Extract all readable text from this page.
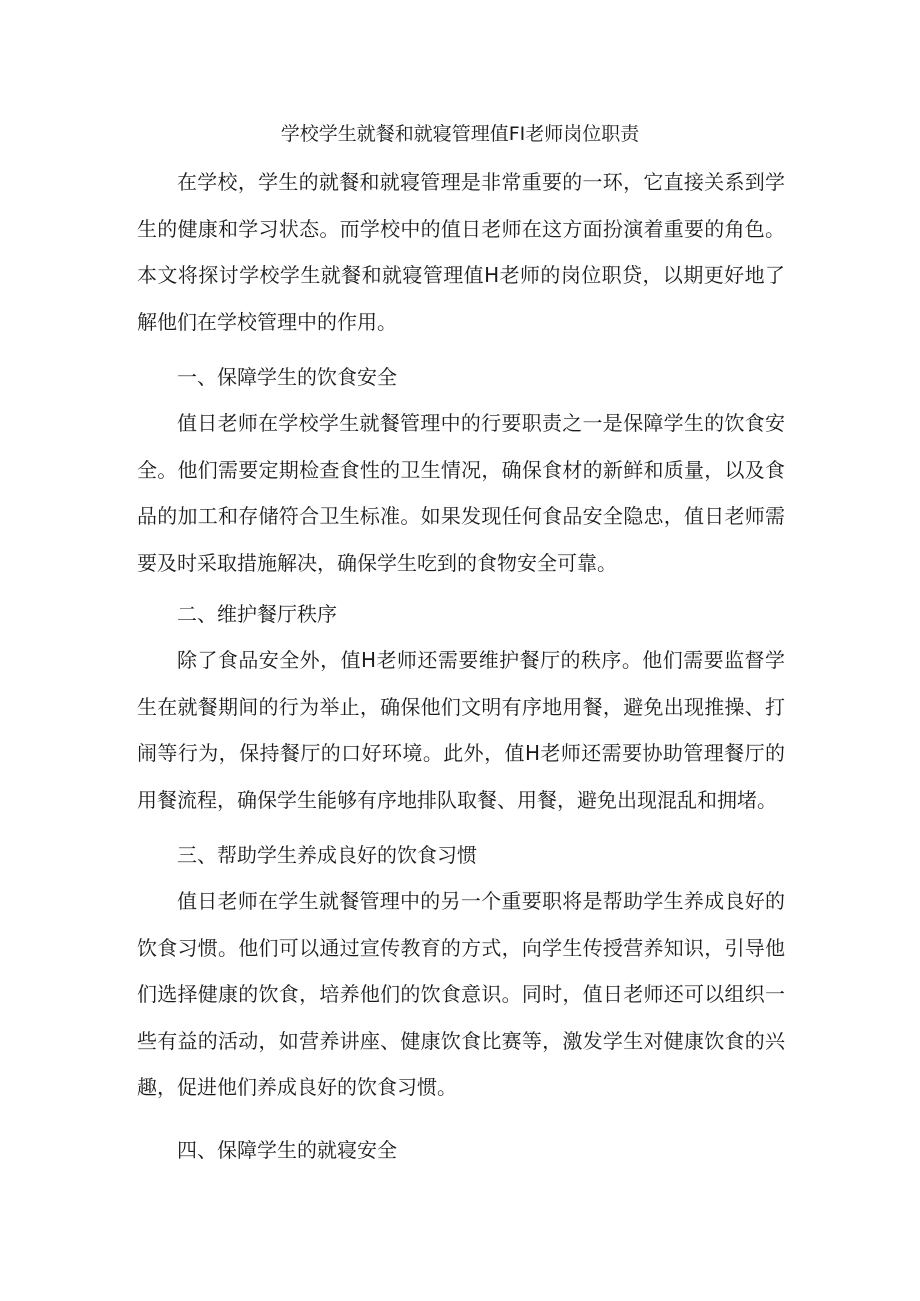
学校学生就餐和就寝管理值FI老师岗位职责

在学校，学生的就餐和就寝管理是非常重要的一环，它直接关系到学生的健康和学习状态。而学校中的值日老师在这方面扮演着重要的角色。本文将探讨学校学生就餐和就寝管理值H老师的岗位职贷，以期更好地了解他们在学校管理中的作用。

一、保障学生的饮食安全

值日老师在学校学生就餐管理中的行要职责之一是保障学生的饮食安全。他们需要定期检查食性的卫生情况，确保食材的新鲜和质量，以及食品的加工和存储符合卫生标准。如果发现任何食品安全隐忠，值日老师需要及时采取措施解决，确保学生吃到的食物安全可靠。

二、维护餐厅秩序

除了食品安全外，值H老师还需要维护餐厅的秩序。他们需要监督学生在就餐期间的行为举止，确保他们文明有序地用餐，避免出现推操、打闹等行为，保持餐厅的口好环境。此外，值H老师还需要协助管理餐厅的用餐流程，确保学生能够有序地排队取餐、用餐，避免出现混乱和拥堵。

三、帮助学生养成良好的饮食习惯

值日老师在学生就餐管理中的另一个重要职将是帮助学生养成良好的饮食习惯。他们可以通过宣传教育的方式，向学生传授营养知识，引导他们选择健康的饮食，培养他们的饮食意识。同时，值日老师还可以组织一些有益的活动，如营养讲座、健康饮食比赛等，激发学生对健康饮食的兴趣，促进他们养成良好的饮食习惯。

四、保障学生的就寝安全
